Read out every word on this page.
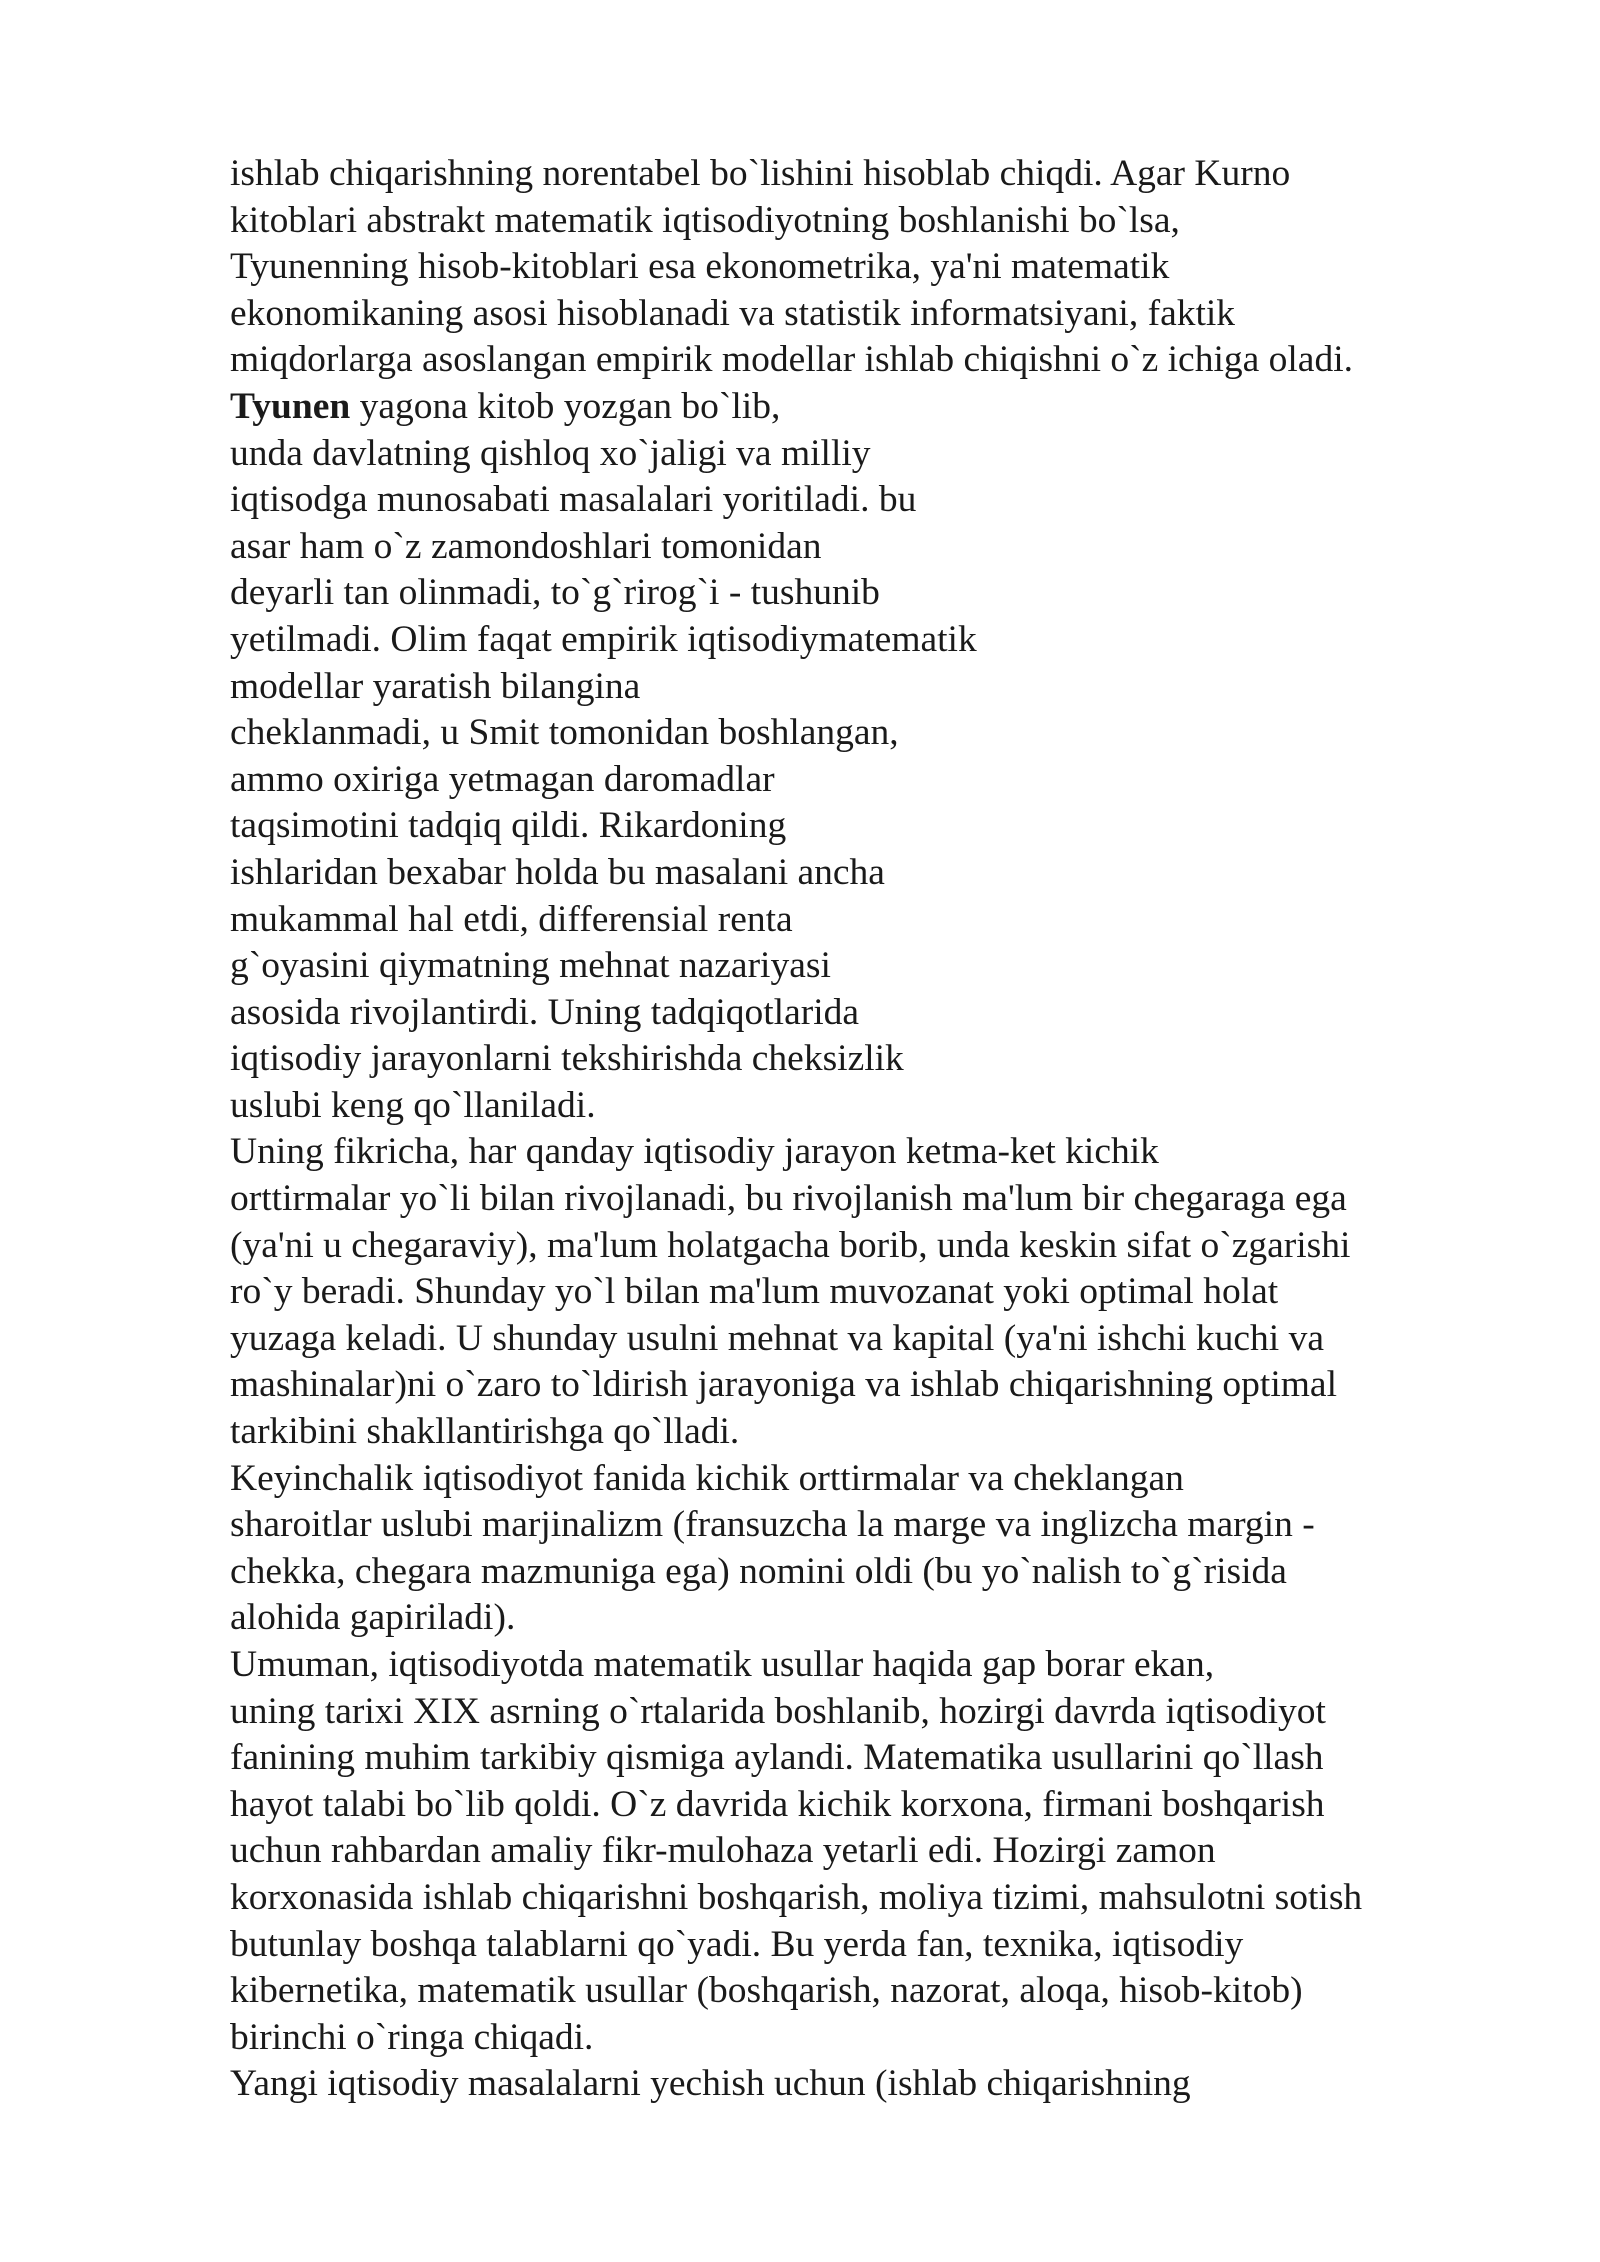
ishlab chiqarishning norentabel bo`lishini hisoblab chiqdi. Agar Kurno
kitoblari abstrakt matematik iqtisodiyotning boshlanishi bo`lsa,
Tyunenning hisob-kitoblari esa ekonometrika, ya'ni matematik
ekonomikaning asosi hisoblanadi va statistik informatsiyani, faktik
miqdorlarga asoslangan empirik modellar ishlab chiqishni o`z ichiga oladi.
Tyunen yagona kitob yozgan bo`lib,
unda davlatning qishloq xo`jaligi va milliy
iqtisodga munosabati masalalari yoritiladi. bu
asar ham o`z zamondoshlari tomonidan
deyarli tan olinmadi, to`g`rirog`i - tushunib
yetilmadi. Olim faqat empirik iqtisodiymatematik
modellar yaratish bilangina
cheklanmadi, u Smit tomonidan boshlangan,
ammo oxiriga yetmagan daromadlar
taqsimotini tadqiq qildi. Rikardoning
ishlaridan bexabar holda bu masalani ancha
mukammal hal etdi, differensial renta
g`oyasini qiymatning mehnat nazariyasi
asosida rivojlantirdi. Uning tadqiqotlarida
iqtisodiy jarayonlarni tekshirishda cheksizlik
uslubi keng qo`llaniladi.
Uning fikricha, har qanday iqtisodiy jarayon ketma-ket kichik
orttirmalar yo`li bilan rivojlanadi, bu rivojlanish ma'lum bir chegaraga ega
(ya'ni u chegaraviy), ma'lum holatgacha borib, unda keskin sifat o`zgarishi
ro`y beradi. Shunday yo`l bilan ma'lum muvozanat yoki optimal holat
yuzaga keladi. U shunday usulni mehnat va kapital (ya'ni ishchi kuchi va
mashinalar)ni o`zaro to`ldirish jarayoniga va ishlab chiqarishning optimal
tarkibini shakllantirishga qo`lladi.
Keyinchalik iqtisodiyot fanida kichik orttirmalar va cheklangan
sharoitlar uslubi marjinalizm (fransuzcha la marge va inglizcha margin -
chekka, chegara mazmuniga ega) nomini oldi (bu yo`nalish to`g`risida
alohida gapiriladi).
Umuman, iqtisodiyotda matematik usullar haqida gap borar ekan,
uning tarixi XIX asrning o`rtalarida boshlanib, hozirgi davrda iqtisodiyot
fanining muhim tarkibiy qismiga aylandi. Matematika usullarini qo`llash
hayot talabi bo`lib qoldi. O`z davrida kichik korxona, firmani boshqarish
uchun rahbardan amaliy fikr-mulohaza yetarli edi. Hozirgi zamon
korxonasida ishlab chiqarishni boshqarish, moliya tizimi, mahsulotni sotish
butunlay boshqa talablarni qo`yadi. Bu yerda fan, texnika, iqtisodiy
kibernetika, matematik usullar (boshqarish, nazorat, aloqa, hisob-kitob)
birinchi o`ringa chiqadi.
Yangi iqtisodiy masalalarni yechish uchun (ishlab chiqarishning
